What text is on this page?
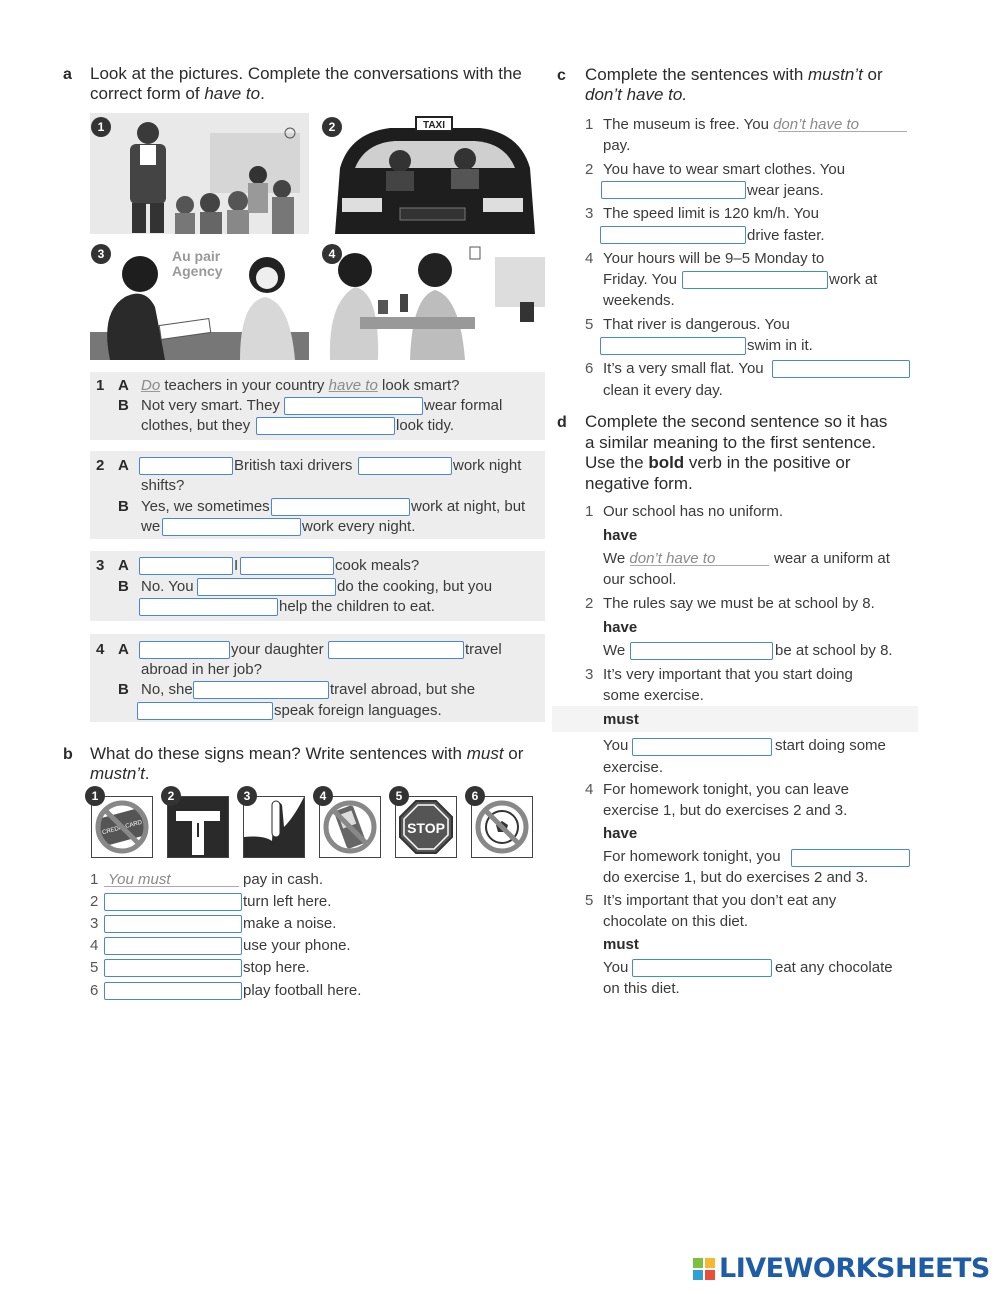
a Look at the pictures. Complete the conversations with the
correct form of have to.
1	TAXI
2
Au pair
Agency
3	4
1 A Do teachers in your country have to look smart?
B Not very smart. They	wear formal
clothes, but they	look tidy.
2 A	British taxi drivers	work night
shifts?
B Yes, we sometimes	work at night, but
we	work every night.
3 A	I	cook meals?
B No. You	do the cooking, but you
help the children to eat.
4 A	your daughter	travel
abroad in her job?
B No, she	travel abroad, but she
speak foreign languages.
b What do these signs mean? Write sentences with must or
mustn’t.
CREDIT CARD	STOP
1	2	3	4	5	6
1 You must	pay in cash.
2	turn left here.
3	make a noise.
4	use your phone.
5	stop here.
6	play football here.
c Complete the sentences with mustn’t or
don’t have to.
1 The museum is free. You don’t have to
pay.
2 You have to wear smart clothes. You
wear jeans.
3 The speed limit is 120 km/h. You
drive faster.
4 Your hours will be 9–5 Monday to
Friday. You	work at
weekends.
5 That river is dangerous. You
swim in it.
6 It’s a very small flat. You
clean it every day.
d Complete the second sentence so it has
a similar meaning to the first sentence.
Use the bold verb in the positive or
negative form.
1 Our school has no uniform.
have
We don’t have to	wear a uniform at
our school.
2 The rules say we must be at school by 8.
have
We	be at school by 8.
3 It’s very important that you start doing
some exercise.
must
You	start doing some
exercise.
4 For homework tonight, you can leave
exercise 1, but do exercises 2 and 3.
have
For homework tonight, you
do exercise 1, but do exercises 2 and 3.
5 It’s important that you don’t eat any
chocolate on this diet.
must
You	eat any chocolate
on this diet.
LIVEWORKSHEETS
